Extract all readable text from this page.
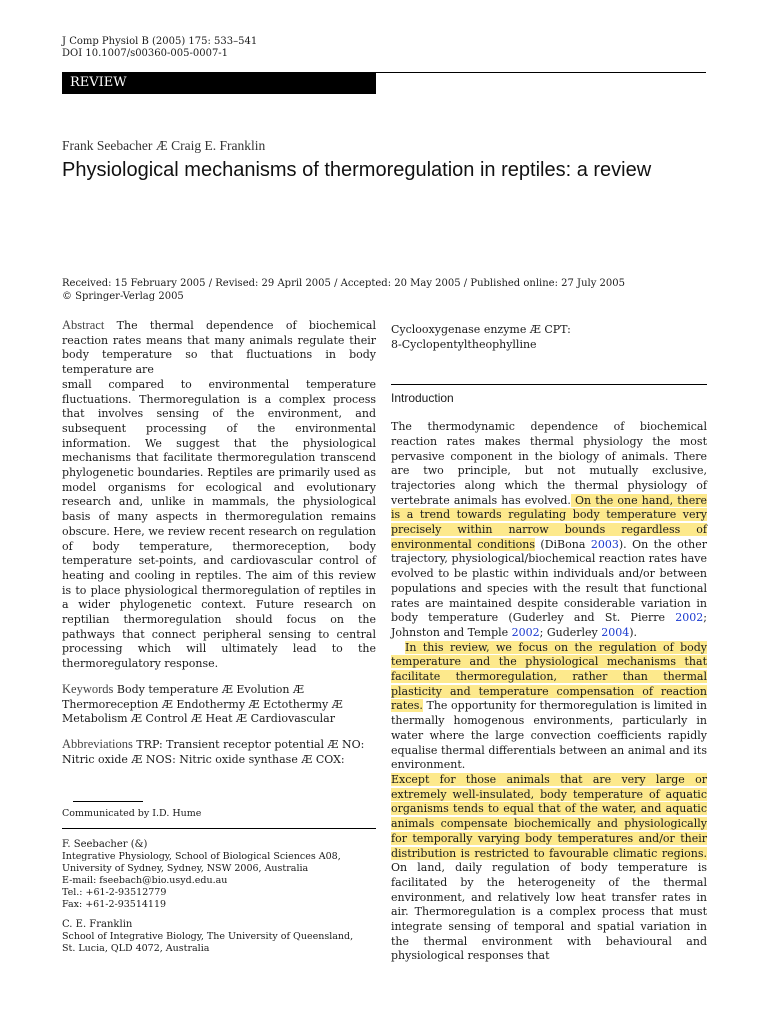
J Comp Physiol B (2005) 175: 533–541
DOI 10.1007/s00360-005-0007-1
REVIEW
Frank Seebacher Æ Craig E. Franklin
Physiological mechanisms of thermoregulation in reptiles: a review
Received: 15 February 2005 / Revised: 29 April 2005 / Accepted: 20 May 2005 / Published online: 27 July 2005
© Springer-Verlag 2005

Abstract The thermal dependence of biochemical reaction rates means that many animals regulate their body temperature so that fluctuations in body temperature are

small compared to environmental temperature fluctuations. Thermoregulation is a complex process that involves sensing of the environment, and subsequent processing of the environmental information. We suggest that the physiological mechanisms that facilitate thermoregulation transcend phylogenetic boundaries. Reptiles are primarily used as model organisms for ecological and evolutionary research and, unlike in mammals, the physiological basis of many aspects in thermoregulation remains obscure. Here, we review recent research on regulation of body temperature, thermoreception, body temperature set-points, and cardiovascular control of heating and cooling in reptiles. The aim of this review is to place physiological thermoregulation of reptiles in a wider phylogenetic context. Future research on reptilian thermoregulation should focus on the pathways that connect peripheral sensing to central processing which will ultimately lead to the thermoregulatory response.

Keywords Body temperature Æ Evolution Æ Thermoreception Æ Endothermy Æ Ectothermy Æ Metabolism Æ Control Æ Heat Æ Cardiovascular

Abbreviations TRP: Transient receptor potential Æ NO: Nitric oxide Æ NOS: Nitric oxide synthase Æ COX:

Communicated by I.D. Hume
F. Seebacher (&)
Integrative Physiology, School of Biological Sciences A08,
University of Sydney, Sydney, NSW 2006, Australia
E-mail: fseebach@bio.usyd.edu.au
Tel.: +61-2-93512779
Fax: +61-2-93514119
C. E. Franklin
School of Integrative Biology, The University of Queensland,
St. Lucia, QLD 4072, Australia
Cyclooxygenase enzyme Æ CPT:
8-Cyclopentyltheophylline
Introduction

The thermodynamic dependence of biochemical reaction rates makes thermal physiology the most pervasive component in the biology of animals. There are two principle, but not mutually exclusive, trajectories along which the thermal physiology of vertebrate animals has evolved. On the one hand, there is a trend towards regulating body temperature very precisely within narrow bounds regardless of environmental conditions (DiBona 2003). On the other trajectory, physiological/biochemical reaction rates have evolved to be plastic within individuals and/or between populations and species with the result that functional rates are maintained despite considerable variation in body temperature (Guderley and St. Pierre 2002; Johnston and Temple 2002; Guderley 2004).

In this review, we focus on the regulation of body temperature and the physiological mechanisms that facilitate thermoregulation, rather than thermal plasticity and temperature compensation of reaction rates. The opportunity for thermoregulation is limited in thermally homogenous environments, particularly in water where the large convection coefficients rapidly equalise thermal differentials between an animal and its environment.

Except for those animals that are very large or extremely well-insulated, body temperature of aquatic organisms tends to equal that of the water, and aquatic animals compensate biochemically and physiologically for temporally varying body temperatures and/or their distribution is restricted to favourable climatic regions. On land, daily regulation of body temperature is facilitated by the heterogeneity of the thermal environment, and relatively low heat transfer rates in air. Thermoregulation is a complex process that must integrate sensing of temporal and spatial variation in the thermal environment with behavioural and physiological responses that
